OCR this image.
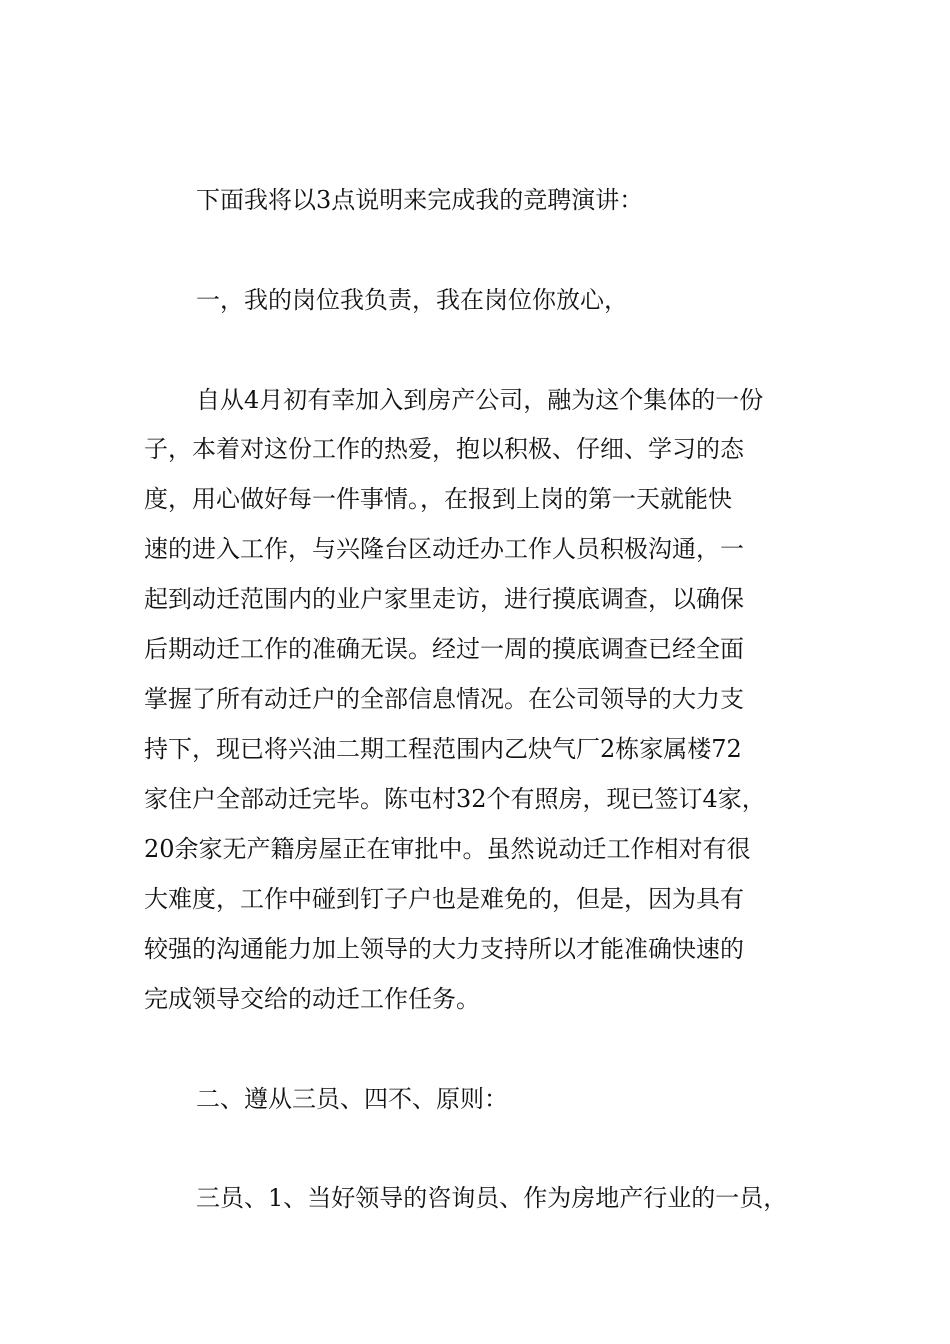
下面我将以3点说明来完成我的竞聘演讲：
一，我的岗位我负责，我在岗位你放心，
自从4月初有幸加入到房产公司，融为这个集体的一份
子，本着对这份工作的热爱，抱以积极、仔细、学习的态
度，用心做好每一件事情。，在报到上岗的第一天就能快
速的进入工作，与兴隆台区动迁办工作人员积极沟通，一
起到动迁范围内的业户家里走访，进行摸底调查，以确保
后期动迁工作的准确无误。经过一周的摸底调查已经全面
掌握了所有动迁户的全部信息情况。在公司领导的大力支
持下，现已将兴油二期工程范围内乙炔气厂2栋家属楼72
家住户全部动迁完毕。陈屯村32个有照房，现已签订4家，
20余家无产籍房屋正在审批中。虽然说动迁工作相对有很
大难度，工作中碰到钉子户也是难免的，但是，因为具有
较强的沟通能力加上领导的大力支持所以才能准确快速的
完成领导交给的动迁工作任务。
二、遵从三员、四不、原则：
三员、1、当好领导的咨询员、作为房地产行业的一员，
